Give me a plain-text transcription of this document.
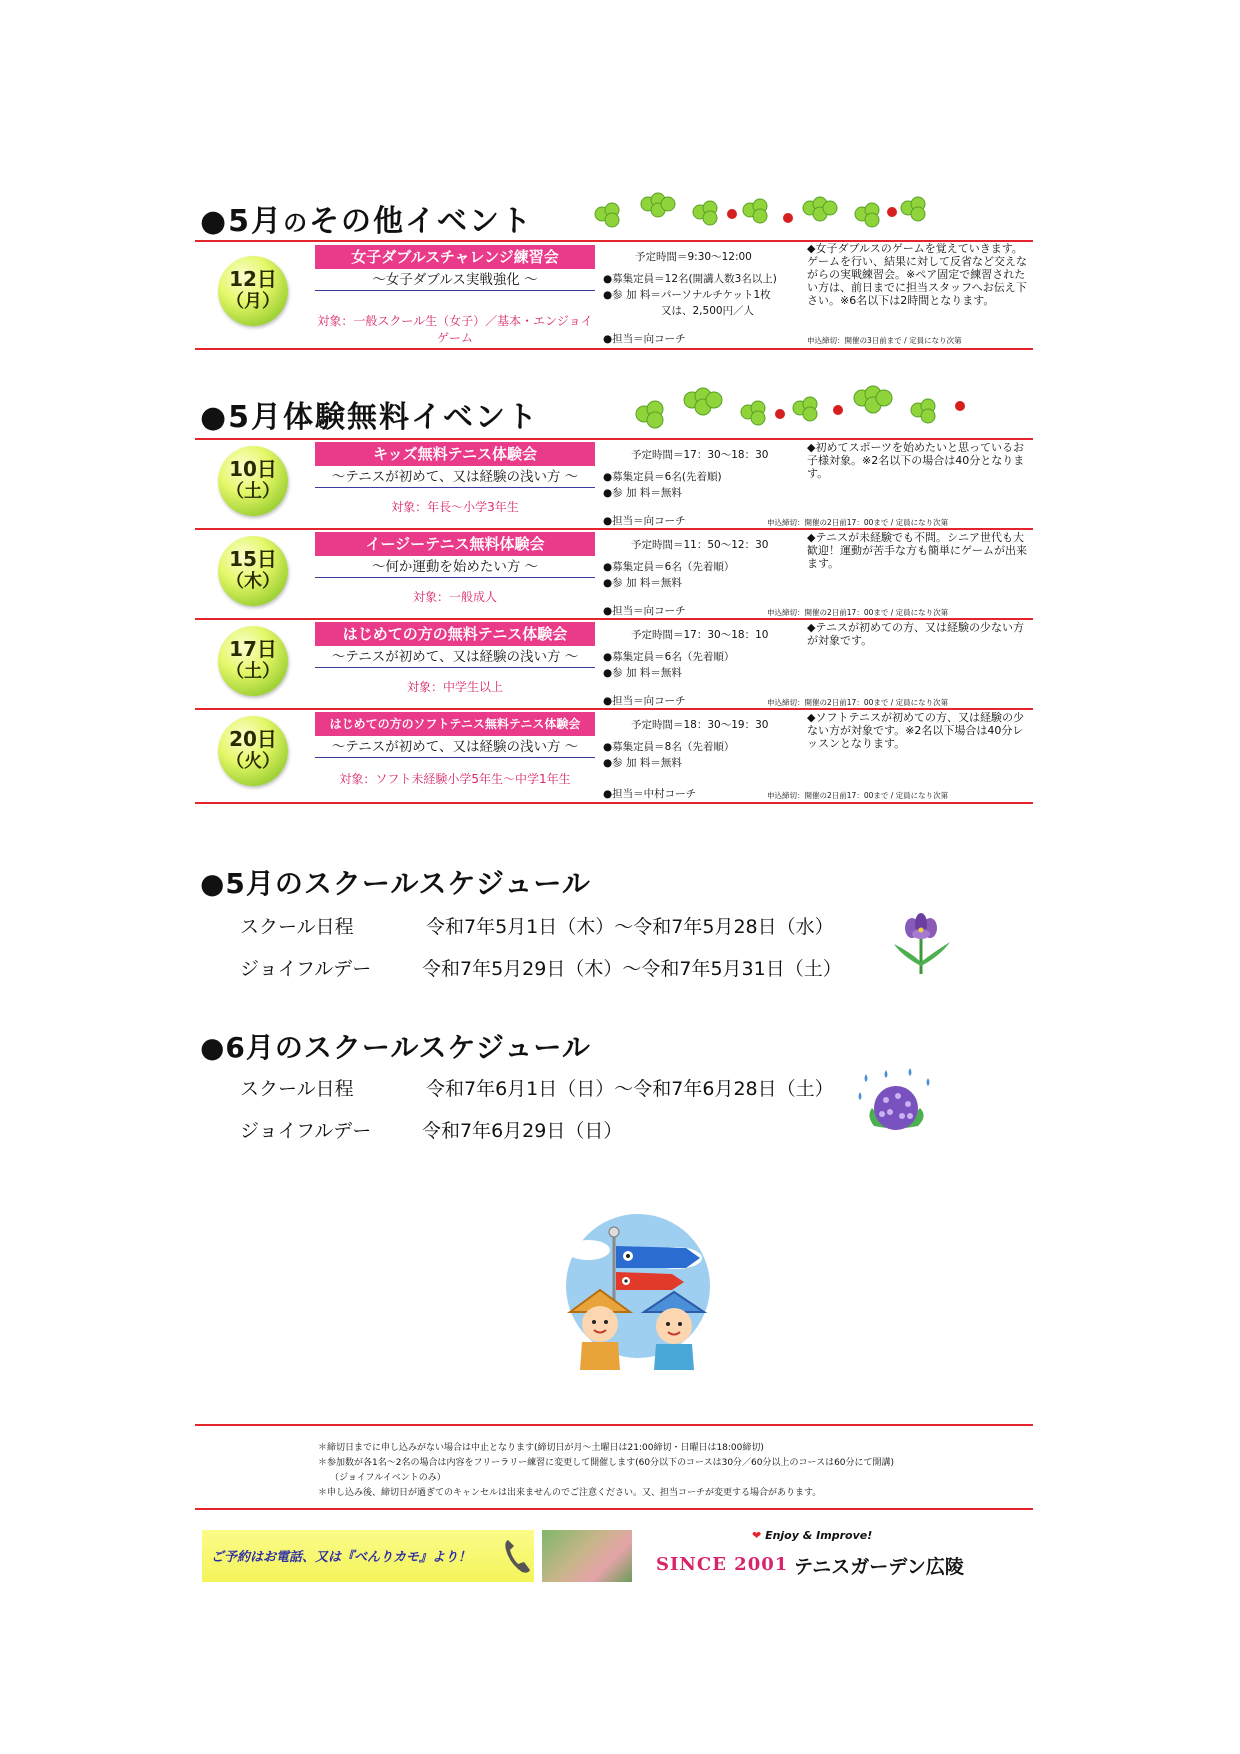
●5月のその他イベント
12日
（月）
女子ダブルスチャレンジ練習会
～女子ダブルス実戦強化 ～
対象：一般スクール生（女子）／基本・エンジョイゲーム
予定時間＝9:30～12:00
●募集定員＝12名(開講人数3名以上)
●参 加 料＝パーソナルチケット1枚
又は、2,500円／人
●担当＝向コーチ	申込締切：開催の3日前まで / 定員になり次第
◆女子ダブルスのゲームを覚えていきます。ゲームを行い、結果に対して反省など交えながらの実戦練習会。※ペア固定で練習されたい方は、前日までに担当スタッフへお伝え下さい。※6名以下は2時間となります。
●5月体験無料イベント
10日
（土）
キッズ無料テニス体験会
～テニスが初めて、又は経験の浅い方 ～
対象：年長～小学3年生
予定時間＝17：30～18：30
●募集定員＝6名(先着順)
●参 加 料＝無料
●担当＝向コーチ	申込締切：開催の2日前17：00まで / 定員になり次第
◆初めてスポーツを始めたいと思っているお子様対象。※2名以下の場合は40分となります。
15日
（木）
イージーテニス無料体験会
～何か運動を始めたい方 ～
対象：一般成人
予定時間＝11：50～12：30
●募集定員＝6名（先着順）
●参 加 料＝無料
●担当＝向コーチ	申込締切：開催の2日前17：00まで / 定員になり次第
◆テニスが未経験でも不問。シニア世代も大歓迎！運動が苦手な方も簡単にゲームが出来ます。
17日
（土）
はじめての方の無料テニス体験会
～テニスが初めて、又は経験の浅い方 ～
対象：中学生以上
予定時間＝17：30～18：10
●募集定員＝6名（先着順）
●参 加 料＝無料
●担当＝向コーチ	申込締切：開催の2日前17：00まで / 定員になり次第
◆テニスが初めての方、又は経験の少ない方が対象です。
20日
（火）
はじめての方のソフトテニス無料テニス体験会
～テニスが初めて、又は経験の浅い方 ～
対象：ソフト未経験小学5年生～中学1年生
予定時間＝18：30～19：30
●募集定員＝8名（先着順）
●参 加 料＝無料
●担当＝中村コーチ	申込締切：開催の2日前17：00まで / 定員になり次第
◆ソフトテニスが初めての方、又は経験の少ない方が対象です。※2名以下場合は40分レッスンとなります。
●5月のスクールスケジュール
スクール日程	令和7年5月1日（木）～令和7年5月28日（水）
ジョイフルデー	令和7年5月29日（木）～令和7年5月31日（土）
●6月のスクールスケジュール
スクール日程	令和7年6月1日（日）～令和7年6月28日（土）
ジョイフルデー	令和7年6月29日（日）
＊締切日までに申し込みがない場合は中止となります(締切日が月～土曜日は21:00締切・日曜日は18:00締切)
＊参加数が各1名～2名の場合は内容をフリーラリー練習に変更して開催します(60分以下のコースは30分／60分以上のコースは60分にて開講)
（ジョイフルイベントのみ）
＊申し込み後、締切日が過ぎてのキャンセルは出来ませんのでご注意ください。又、担当コーチが変更する場合があります。
ご予約はお電話、又は『べんりカモ』より！
❤ Enjoy & Improve!
SINCE 2001 テニスガーデン広陵
